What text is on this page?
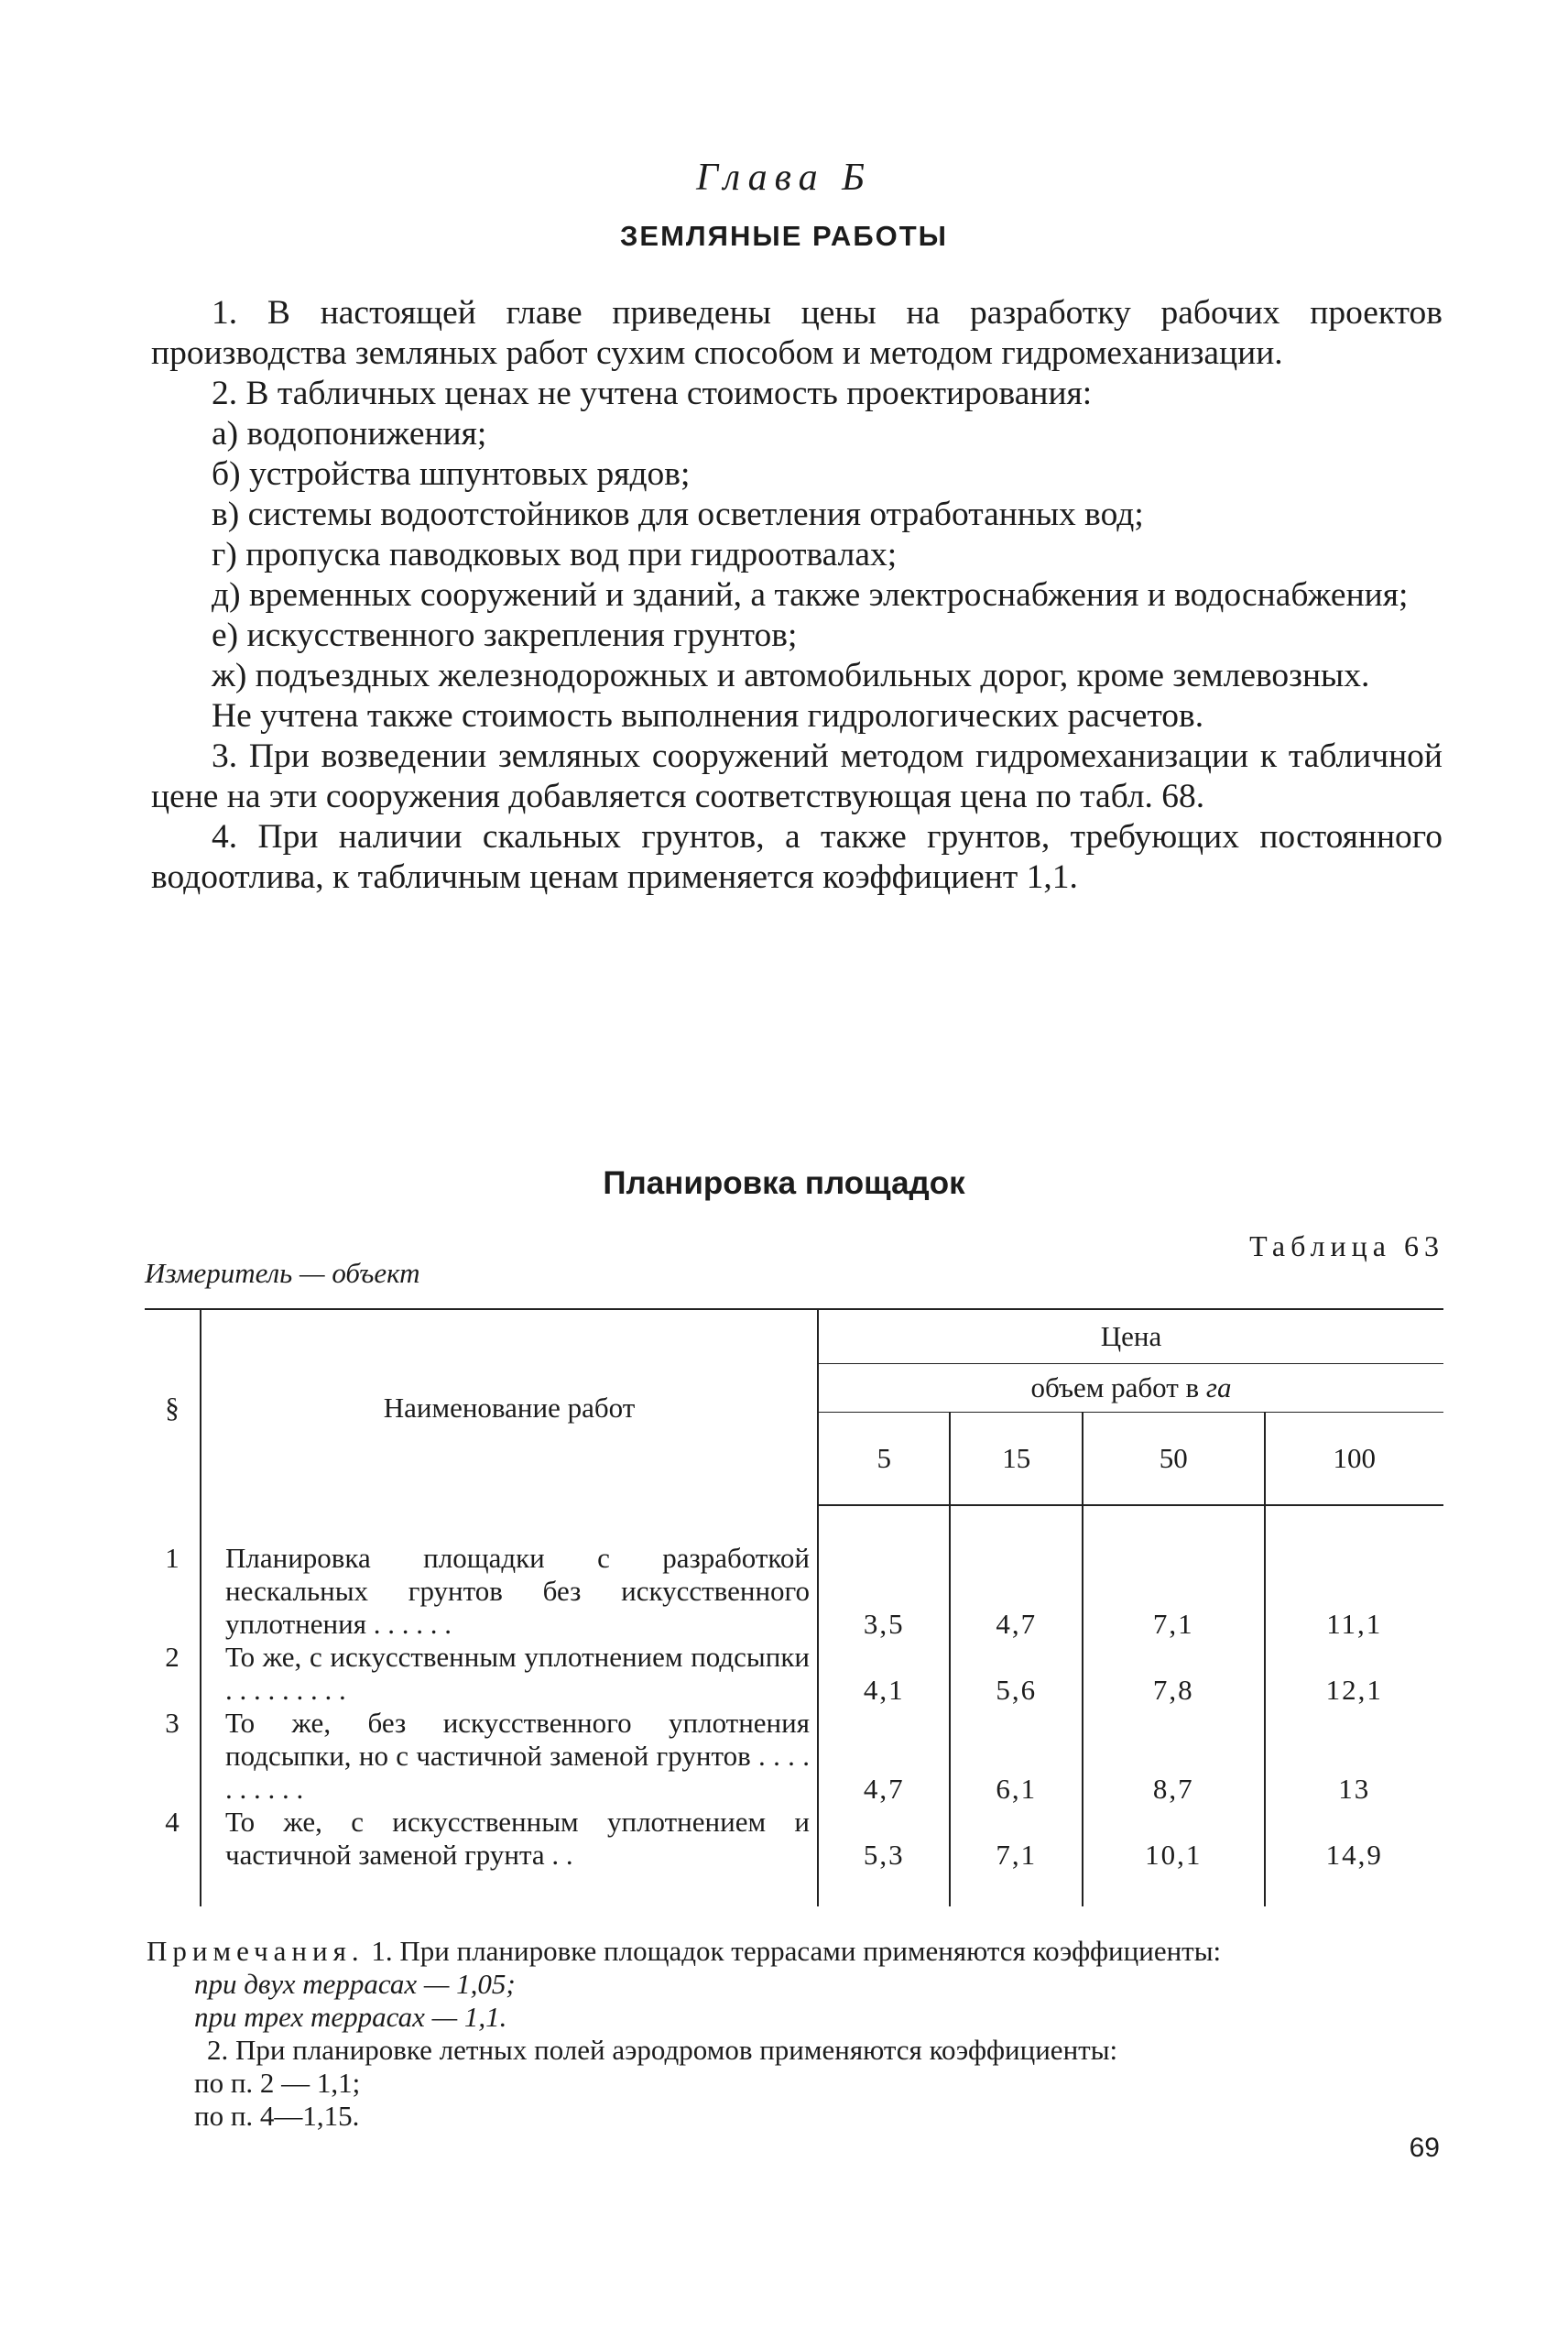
Глава Б
ЗЕМЛЯНЫЕ РАБОТЫ

1. В настоящей главе приведены цены на разработку рабочих проектов производства земляных работ сухим способом и методом гидромеханизации.

2. В табличных ценах не учтена стоимость проектирования:

а) водопонижения;

б) устройства шпунтовых рядов;

в) системы водоотстойников для осветления отработанных вод;

г) пропуска паводковых вод при гидроотвалах;

д) временных сооружений и зданий, а также электроснабжения и водоснабжения;

е) искусственного закрепления грунтов;

ж) подъездных железнодорожных и автомобильных дорог, кроме землевозных.

Не учтена также стоимость выполнения гидрологических расчетов.

3. При возведении земляных сооружений методом гидромеханизации к табличной цене на эти сооружения добавляется соответствующая цена по табл. 68.

4. При наличии скальных грунтов, а также грунтов, требующих постоянного водоотлива, к табличным ценам применяется коэффициент 1,1.

Планировка площадок
Таблица 63
Измеритель — объект
§	Наименование работ	Цена			
		объем работ в га			
		5	15	50	100

1	Планировка площадки с разработкой нескальных грунтов без искусственного уплотнения . . . . . .	3,5	4,7	7,1	11,1

2	То же, с искусственным уплотнением подсыпки . . . . . . . . .	4,1	5,6	7,8	12,1

3	То же, без искусственного уплотнения подсыпки, но с частичной заменой грунтов . . . . . . . . . .	4,7	6,1	8,7	13

4	То же, с искусственным уплотнением и частичной заменой грунта . .	5,3	7,1	10,1	14,9

Примечания. 1. При планировке площадок террасами применяются коэффициенты:

при двух террасах — 1,05;

при трех террасах — 1,1.

2. При планировке летных полей аэродромов применяются коэффициенты:

по п. 2 — 1,1;

по п. 4—1,15.

69
